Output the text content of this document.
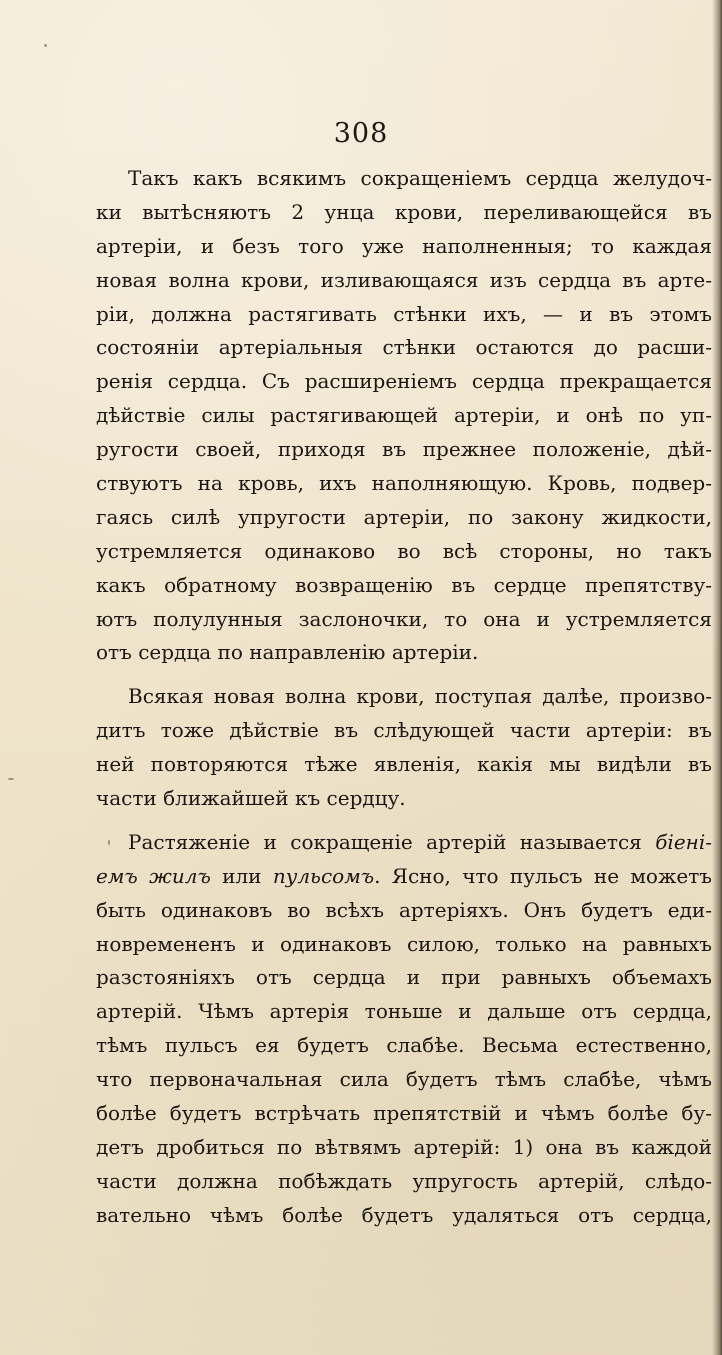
308
Такъ какъ всякимъ сокращенiемъ сердца желудоч-
ки вытѣсняютъ 2 унца крови, переливающейся въ
артерiи, и безъ того уже наполненныя; то каждая
новая волна крови, изливающаяся изъ сердца въ арте-
рiи, должна растягивать стѣнки ихъ, — и въ этомъ
состоянiи артерiальныя стѣнки остаются до расши-
ренiя сердца. Съ расширенiемъ сердца прекращается
дѣйствiе силы растягивающей артерiи, и онѣ по уп-
ругости своей, приходя въ прежнее положенiе, дѣй-
ствуютъ на кровь, ихъ наполняющую. Кровь, подвер-
гаясь силѣ упругости артерiи, по закону жидкости,
устремляется одинаково во всѣ стороны, но такъ
какъ обратному возвращенiю въ сердце препятству-
ютъ полулунныя заслоночки, то она и устремляется
отъ сердца по направленiю артерiи.
Всякая новая волна крови, поступая далѣе, произво-
дитъ тоже дѣйствiе въ слѣдующей части артерiи: въ
ней повторяются тѣже явленiя, какiя мы видѣли въ
части ближайшей къ сердцу.
Растяженiе и сокращенiе артерiй называется бiенi-
емъ жилъ или пульсомъ. Ясно, что пульсъ не можетъ
быть одинаковъ во всѣхъ артерiяхъ. Онъ будетъ еди-
новремененъ и одинаковъ силою, только на равныхъ
разстоянiяхъ отъ сердца и при равныхъ объемахъ
артерiй. Чѣмъ артерiя тоньше и дальше отъ сердца,
тѣмъ пульсъ ея будетъ слабѣе. Весьма естественно,
что первоначальная сила будетъ тѣмъ слабѣе, чѣмъ
болѣе будетъ встрѣчать препятствiй и чѣмъ болѣе бу-
детъ дробиться по вѣтвямъ артерiй: 1) она въ каждой
части должна побѣждать упругость артерiй, слѣдо-
вательно чѣмъ болѣе будетъ удаляться отъ сердца,
